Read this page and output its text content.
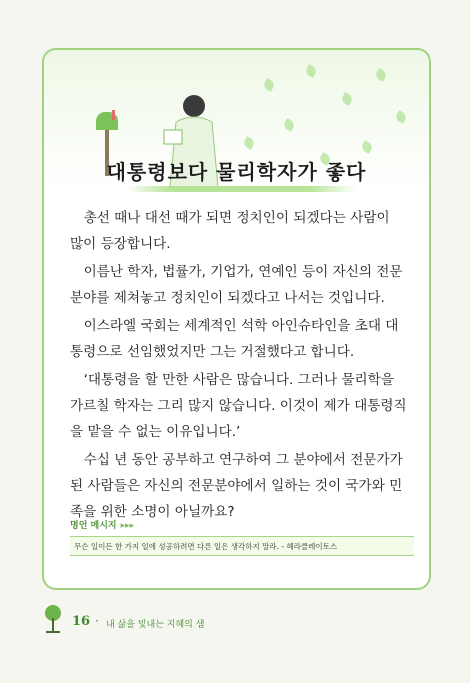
대통령보다 물리학자가 좋다

총선 때나 대선 때가 되면 정치인이 되겠다는 사람이 많이 등장합니다.

이름난 학자, 법률가, 기업가, 연예인 등이 자신의 전문분야를 제쳐놓고 정치인이 되겠다고 나서는 것입니다.

이스라엘 국회는 세계적인 석학 아인슈타인을 초대 대통령으로 선임했었지만 그는 거절했다고 합니다.

‘대통령을 할 만한 사람은 많습니다. 그러나 물리학을 가르칠 학자는 그리 많지 않습니다. 이것이 제가 대통령직을 맡을 수 없는 이유입니다.’

수십 년 동안 공부하고 연구하여 그 분야에서 전문가가 된 사람들은 자신의 전문분야에서 일하는 것이 국가와 민족을 위한 소명이 아닐까요?

명언 메시지 ▸▸▸
무슨 일이든 한 가지 일에 성공하려면 다른 일은 생각하지 말라. - 헤라클레이토스
16 · 내 삶을 빛내는 지혜의 샘
